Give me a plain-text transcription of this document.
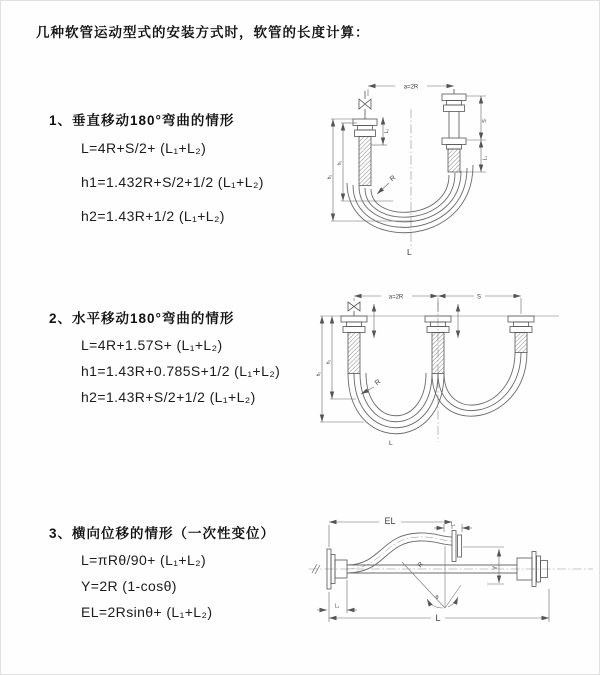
几种软管运动型式的安装方式时，软管的长度计算：
1、垂直移动180°弯曲的情形
L=4R+S/2+ (L₁+L₂)
h1=1.432R+S/2+1/2 (L₁+L₂)
h2=1.43R+1/2 (L₁+L₂)
2、水平移动180°弯曲的情形
L=4R+1.57S+ (L₁+L₂)
h1=1.43R+0.785S+1/2 (L₁+L₂)
h2=1.43R+S/2+1/2 (L₁+L₂)
3、横向位移的情形（一次性变位）
L=πRθ/90+ (L₁+L₂)
Y=2R (1-cosθ)
EL=2Rsinθ+ (L₁+L₂)
a=2R
S
L₁
L₁
h₁
h₂	R
L
a=2R	S
h₁
h₂
R
L
EL	L₁
Y
R
θ
L
L₁
